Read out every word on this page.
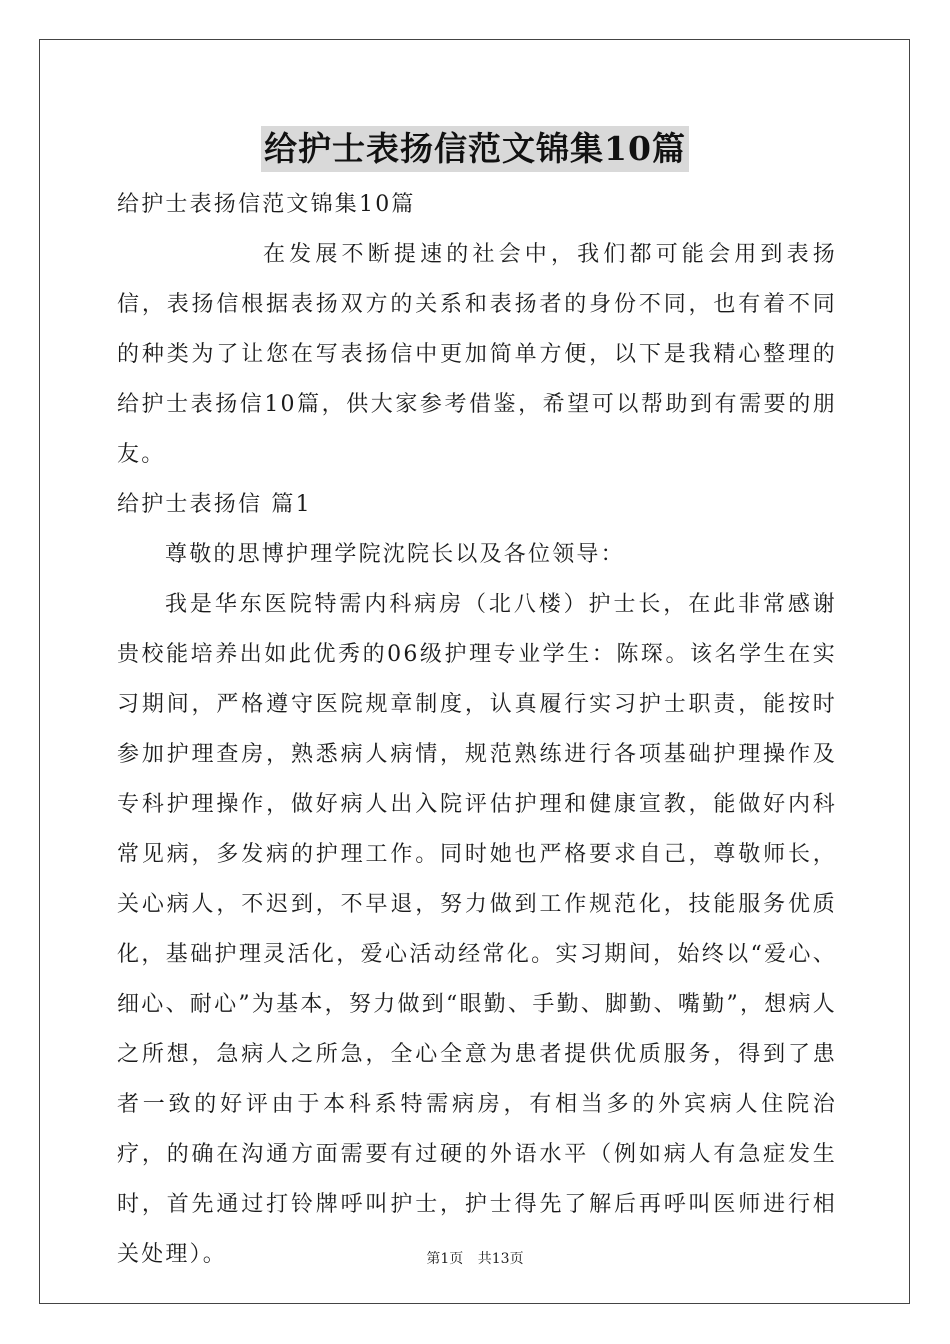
给护士表扬信范文锦集10篇

给护士表扬信范文锦集10篇

在发展不断提速的社会中，我们都可能会用到表扬信，表扬信根据表扬双方的关系和表扬者的身份不同，也有着不同的种类为了让您在写表扬信中更加简单方便，以下是我精心整理的给护士表扬信10篇，供大家参考借鉴，希望可以帮助到有需要的朋友。

给护士表扬信 篇1

尊敬的思博护理学院沈院长以及各位领导：

我是华东医院特需内科病房（北八楼）护士长，在此非常感谢贵校能培养出如此优秀的06级护理专业学生：陈琛。该名学生在实习期间，严格遵守医院规章制度，认真履行实习护士职责，能按时参加护理查房，熟悉病人病情，规范熟练进行各项基础护理操作及专科护理操作，做好病人出入院评估护理和健康宣教，能做好内科常见病，多发病的护理工作。同时她也严格要求自己，尊敬师长，关心病人，不迟到，不早退，努力做到工作规范化，技能服务优质化，基础护理灵活化，爱心活动经常化。实习期间，始终以“爱心、细心、耐心”为基本，努力做到“眼勤、手勤、脚勤、嘴勤”，想病人之所想，急病人之所急，全心全意为患者提供优质服务，得到了患者一致的好评由于本科系特需病房，有相当多的外宾病人住院治疗，的确在沟通方面需要有过硬的外语水平（例如病人有急症发生时，首先通过打铃牌呼叫护士，护士得先了解后再呼叫医师进行相关处理）。	第1页 共13页
